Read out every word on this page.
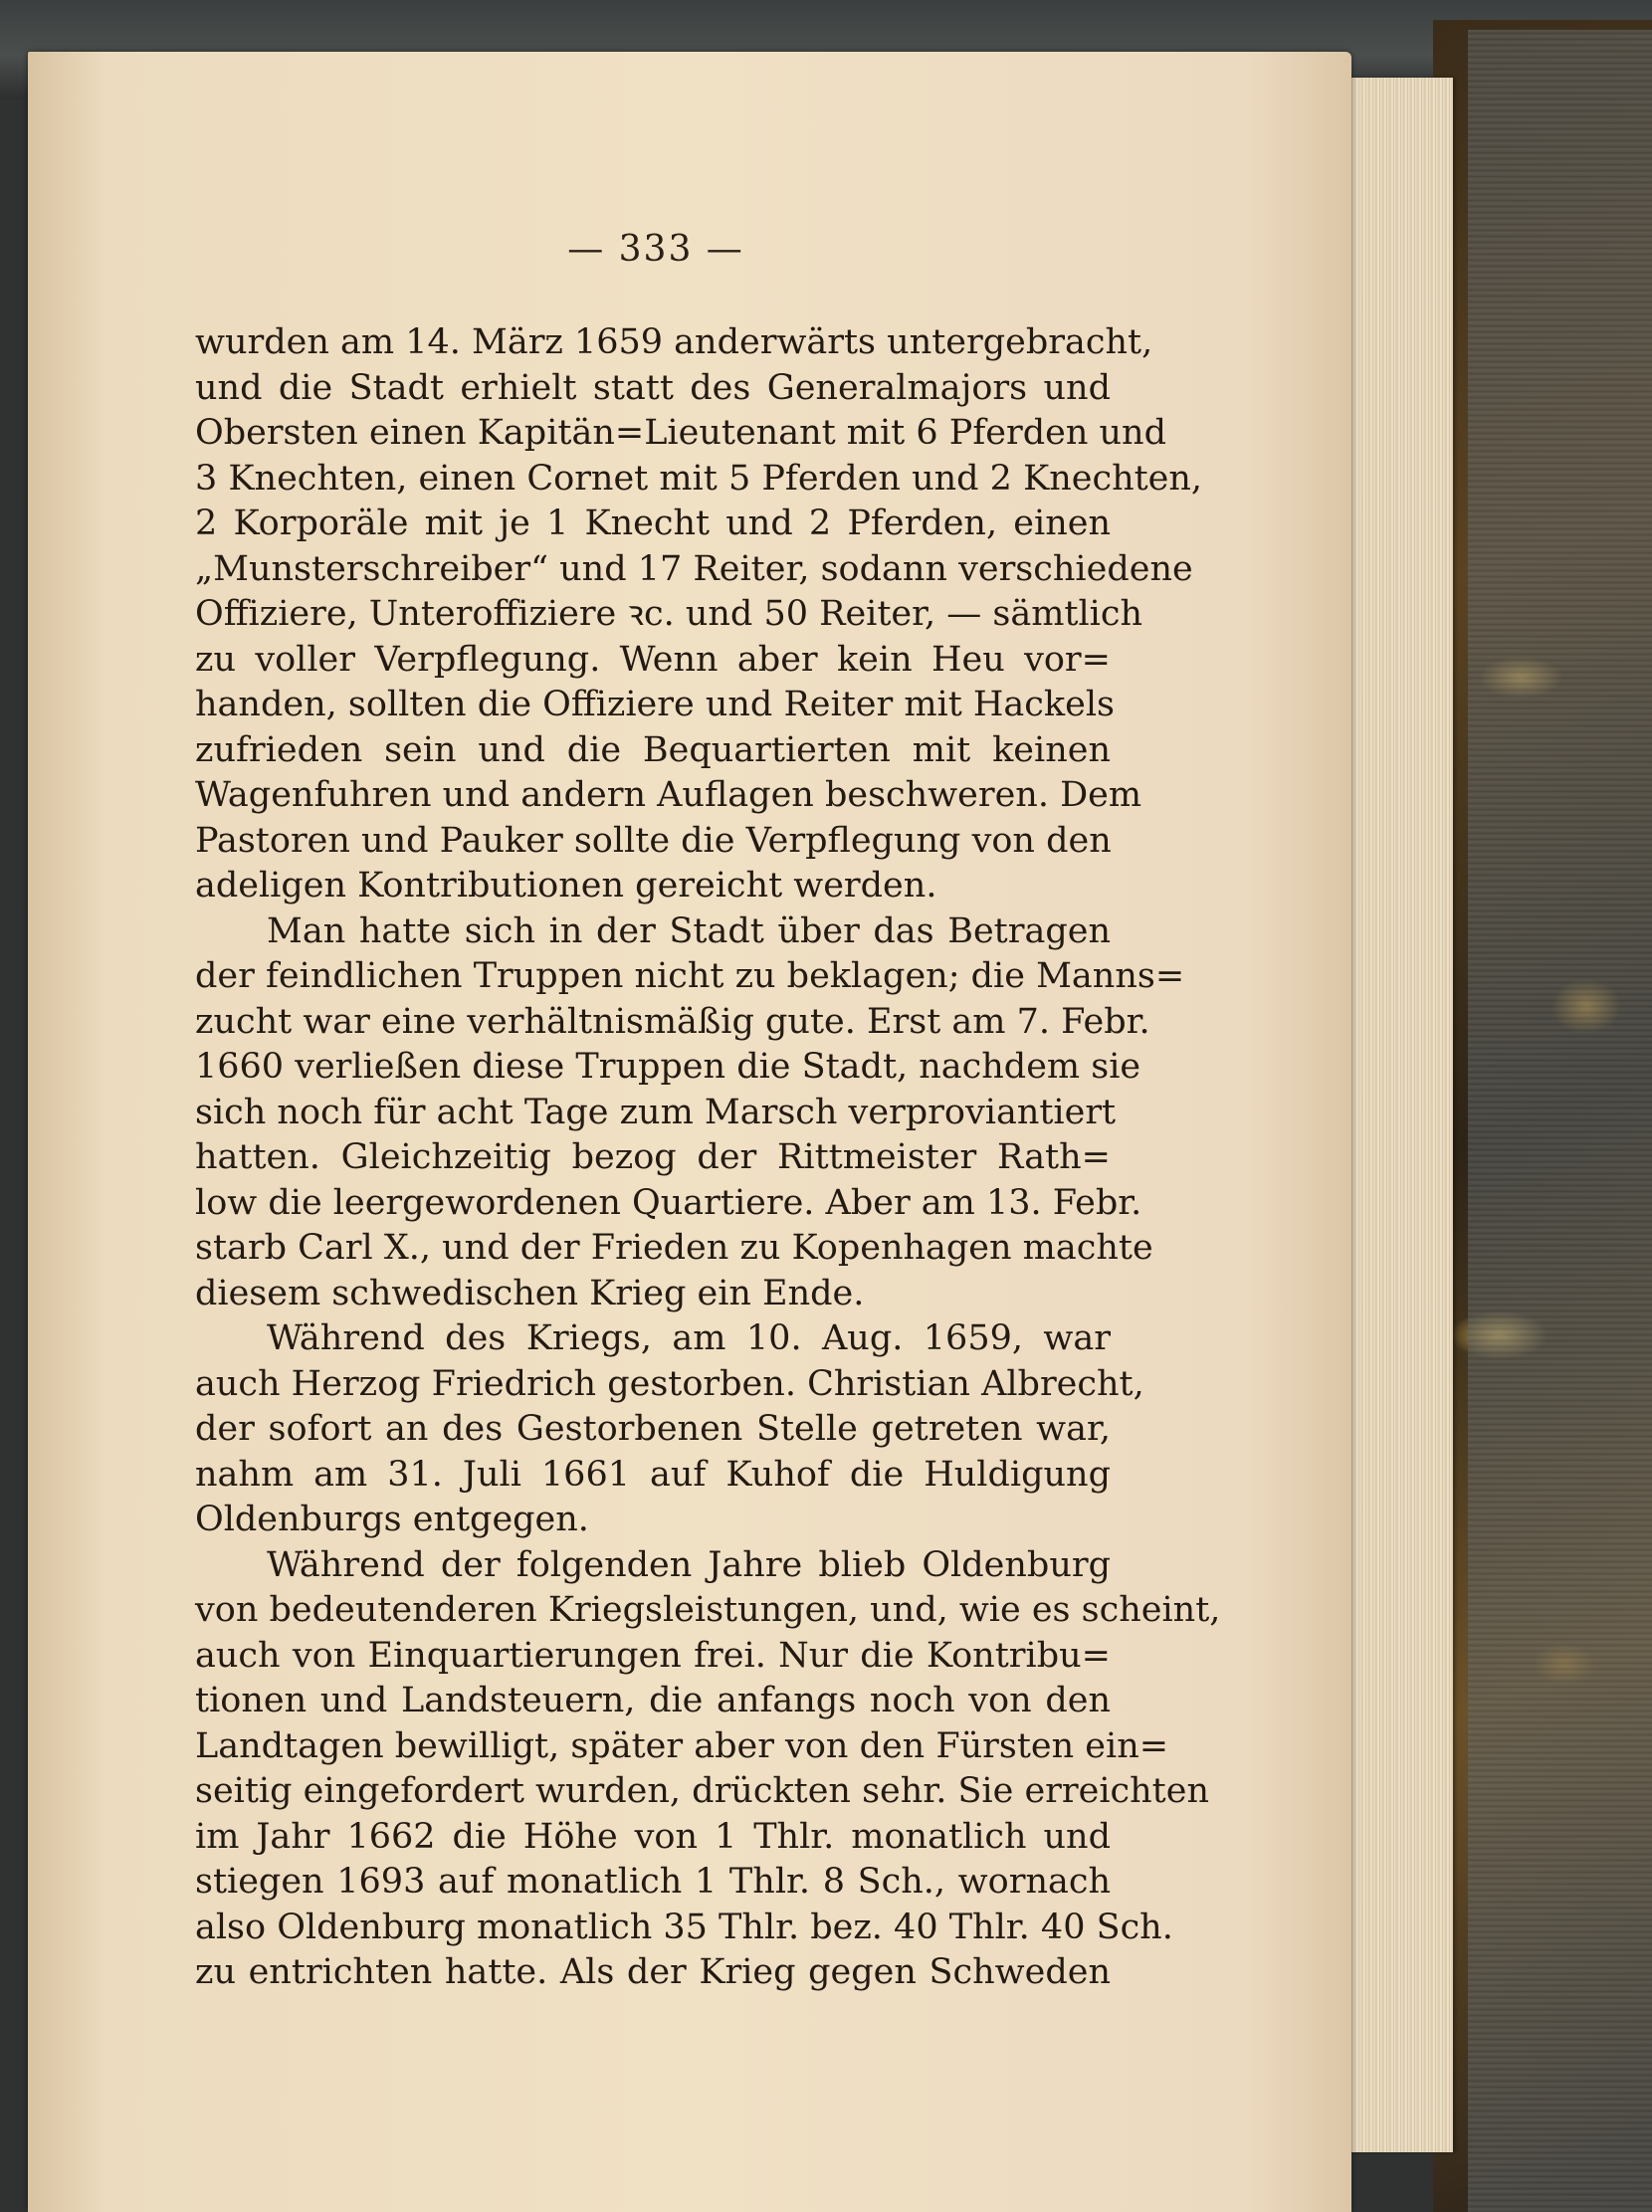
— 333 —
wurden am 14. März 1659 anderwärts untergebracht,
und die Stadt erhielt statt des Generalmajors und
Obersten einen Kapitän=Lieutenant mit 6 Pferden und
3 Knechten, einen Cornet mit 5 Pferden und 2 Knechten,
2 Korporäle mit je 1 Knecht und 2 Pferden, einen
„Munsterschreiber“ und 17 Reiter, sodann verschiedene
Offiziere, Unteroffiziere ꝛc. und 50 Reiter, — sämtlich
zu voller Verpflegung. Wenn aber kein Heu vor=
handen, sollten die Offiziere und Reiter mit Hackels
zufrieden sein und die Bequartierten mit keinen
Wagenfuhren und andern Auflagen beschweren. Dem
Pastoren und Pauker sollte die Verpflegung von den
adeligen Kontributionen gereicht werden.
Man hatte sich in der Stadt über das Betragen
der feindlichen Truppen nicht zu beklagen; die Manns=
zucht war eine verhältnismäßig gute. Erst am 7. Febr.
1660 verließen diese Truppen die Stadt, nachdem sie
sich noch für acht Tage zum Marsch verproviantiert
hatten. Gleichzeitig bezog der Rittmeister Rath=
low die leergewordenen Quartiere. Aber am 13. Febr.
starb Carl X., und der Frieden zu Kopenhagen machte
diesem schwedischen Krieg ein Ende.
Während des Kriegs, am 10. Aug. 1659, war
auch Herzog Friedrich gestorben. Christian Albrecht,
der sofort an des Gestorbenen Stelle getreten war,
nahm am 31. Juli 1661 auf Kuhof die Huldigung
Oldenburgs entgegen.
Während der folgenden Jahre blieb Oldenburg
von bedeutenderen Kriegsleistungen, und, wie es scheint,
auch von Einquartierungen frei. Nur die Kontribu=
tionen und Landsteuern, die anfangs noch von den
Landtagen bewilligt, später aber von den Fürsten ein=
seitig eingefordert wurden, drückten sehr. Sie erreichten
im Jahr 1662 die Höhe von 1 Thlr. monatlich und
stiegen 1693 auf monatlich 1 Thlr. 8 Sch., wornach
also Oldenburg monatlich 35 Thlr. bez. 40 Thlr. 40 Sch.
zu entrichten hatte. Als der Krieg gegen Schweden
